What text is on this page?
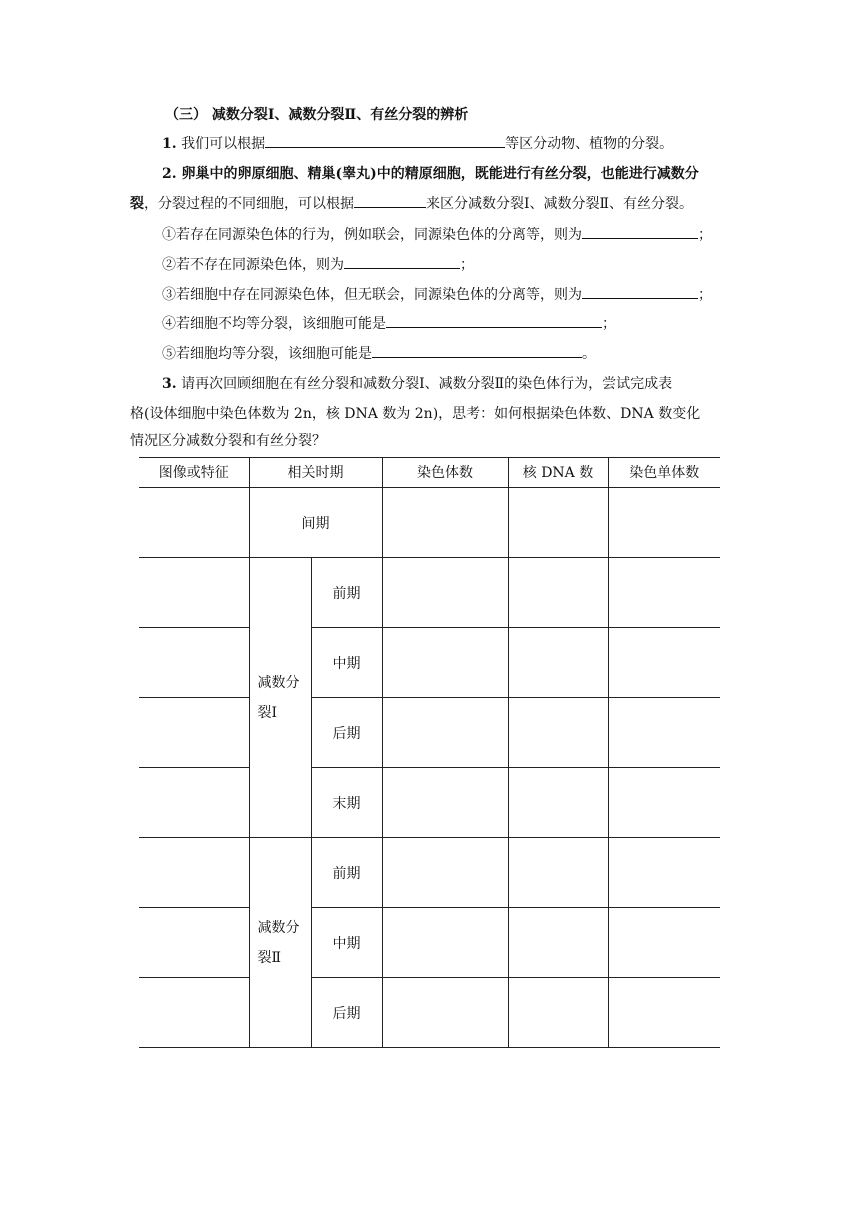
（三） 减数分裂Ⅰ、减数分裂Ⅱ、有丝分裂的辨析
1. 我们可以根据	等区分动物、植物的分裂。
2. 卵巢中的卵原细胞、精巢(睾丸)中的精原细胞，既能进行有丝分裂，也能进行减数分
裂，分裂过程的不同细胞，可以根据	来区分减数分裂Ⅰ、减数分裂Ⅱ、有丝分裂。
①若存在同源染色体的行为，例如联会，同源染色体的分离等，则为	；
②若不存在同源染色体，则为	；
③若细胞中存在同源染色体，但无联会，同源染色体的分离等，则为	；
④若细胞不均等分裂，该细胞可能是	；
⑤若细胞均等分裂，该细胞可能是	。
3. 请再次回顾细胞在有丝分裂和减数分裂Ⅰ、减数分裂Ⅱ的染色体行为，尝试完成表
格(设体细胞中染色体数为 2n，核 DNA 数为 2n)，思考：如何根据染色体数、DNA 数变化
情况区分减数分裂和有丝分裂？
图像或特征	相关时期		染色体数	核 DNA 数	染色单体数
	间期				
	减数分裂Ⅰ	前期			
		中期			
		后期			
		末期			
	减数分裂Ⅱ	前期			
		中期			
		后期			
